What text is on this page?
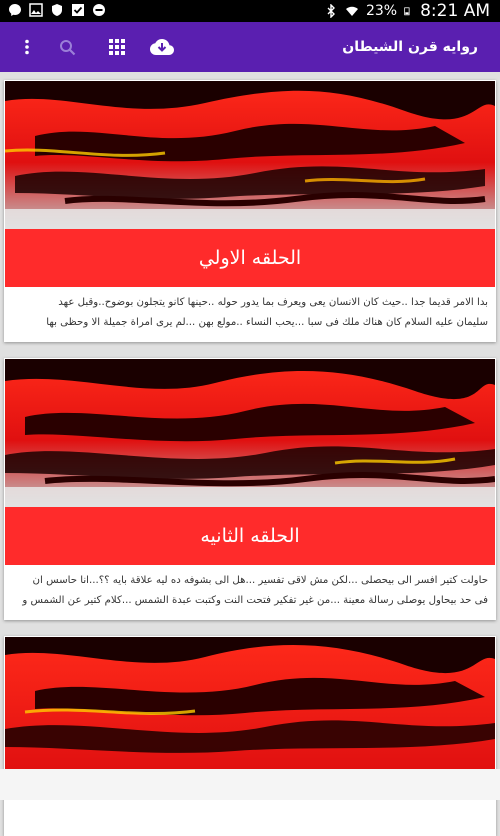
23% 8:21 AM
روايه قرن الشيطان
الحلقه الاولي
بدا الامر قديما جدا ..حيث كان الانسان يعى ويعرف بما يدور حوله ..حينها كانو يتجلون بوضوح..وقبل عهد
سليمان عليه السلام كان هناك ملك فى سبا ...يحب النساء ..مولع بهن ...لم يرى امراة جميلة الا وحظى بها
الحلقه الثانيه
حاولت كتير افسر الى بيحصلى ...لكن مش لاقى تفسير ...هل الى بشوفه ده ليه علاقة بايه ؟؟...انا حاسس ان
فى حد بيحاول يوصلى رسالة معينة ...من غير تفكير فتحت النت وكتبت عبدة الشمس ...كلام كتير عن الشمس و
